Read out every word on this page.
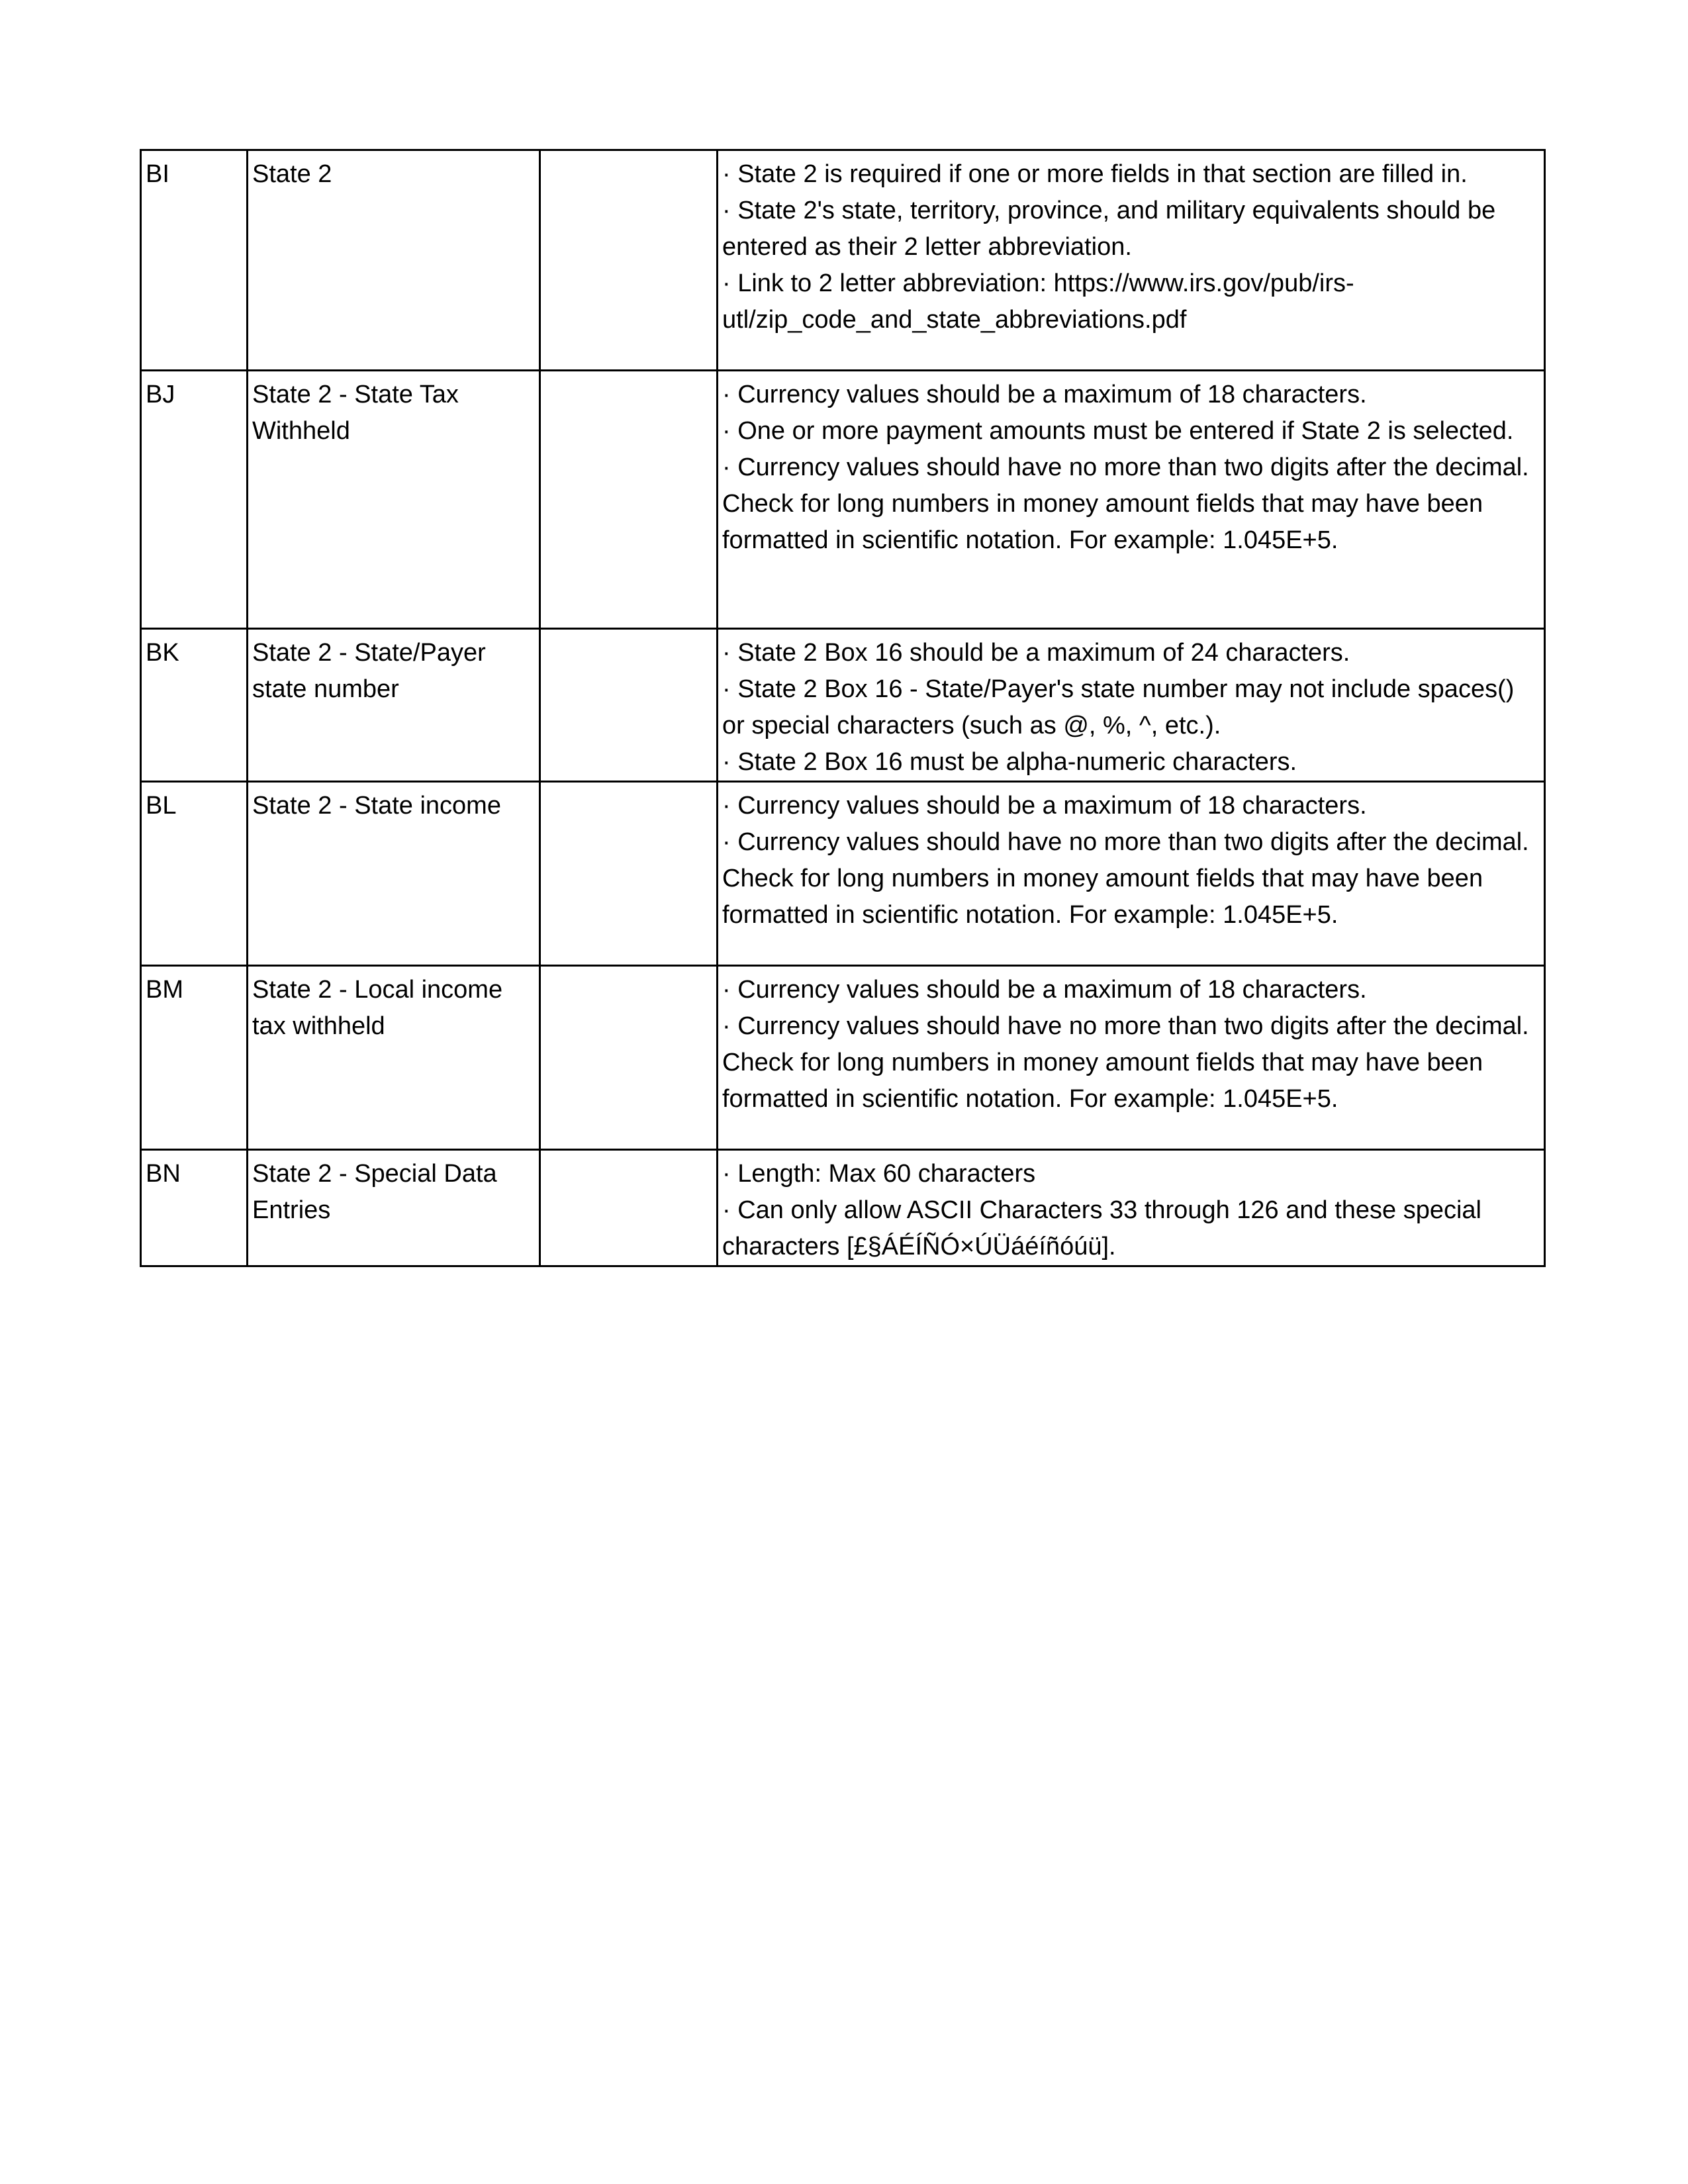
BI	State 2		· State 2 is required if one or more fields in that section are filled in.
· State 2's state, territory, province, and military equivalents should be entered as their 2 letter abbreviation.
· Link to 2 letter abbreviation: https://www.irs.gov/pub/irs-utl/zip_code_and_state_abbreviations.pdf

BJ	State 2 - State Tax Withheld		· Currency values should be a maximum of 18 characters.
· One or more payment amounts must be entered if State 2 is selected.
· Currency values should have no more than two digits after the decimal. Check for long numbers in money amount fields that may have been formatted in scientific notation. For example: 1.045E+5.

BK	State 2 - State/Payer state number		· State 2 Box 16 should be a maximum of 24 characters.
· State 2 Box 16 - State/Payer's state number may not include spaces() or special characters (such as @, %, ^, etc.).
· State 2 Box 16 must be alpha-numeric characters.

BL	State 2 - State income		· Currency values should be a maximum of 18 characters.
· Currency values should have no more than two digits after the decimal. Check for long numbers in money amount fields that may have been formatted in scientific notation. For example: 1.045E+5.

BM	State 2 - Local income tax withheld		· Currency values should be a maximum of 18 characters.
· Currency values should have no more than two digits after the decimal. Check for long numbers in money amount fields that may have been formatted in scientific notation. For example: 1.045E+5.

BN	State 2 - Special Data Entries		· Length: Max 60 characters
· Can only allow ASCII Characters 33 through 126 and these special characters [£§ÁÉÍÑÓ×ÚÜáéíñóúü].
